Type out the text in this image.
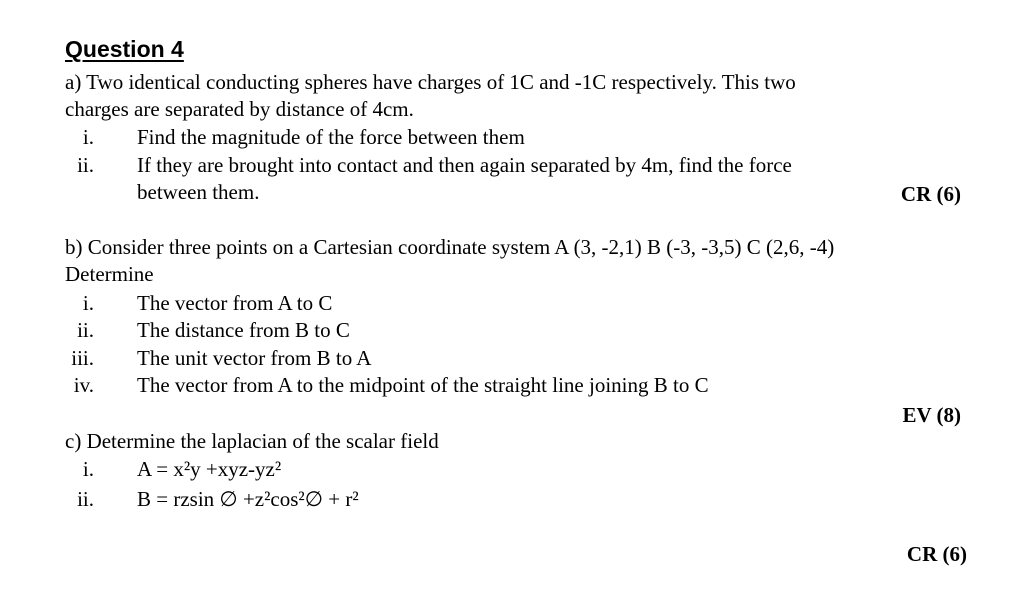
Question 4
a) Two identical conducting spheres have charges of 1C and -1C respectively. This two
charges are separated by distance of 4cm.
i. Find the magnitude of the force between them
ii. If they are brought into contact and then again separated by 4m, find the force
between them.	CR (6)
b) Consider three points on a Cartesian coordinate system A (3, -2,1) B (-3, -3,5) C (2,6, -4)
Determine
i. The vector from A to C
ii. The distance from B to C
iii. The unit vector from B to A
iv. The vector from A to the midpoint of the straight line joining B to C
EV (8)
c) Determine the laplacian of the scalar field
i. A = x²y +xyz-yz²
ii. B = rzsin ∅ +z²cos²∅ + r²
CR (6)
